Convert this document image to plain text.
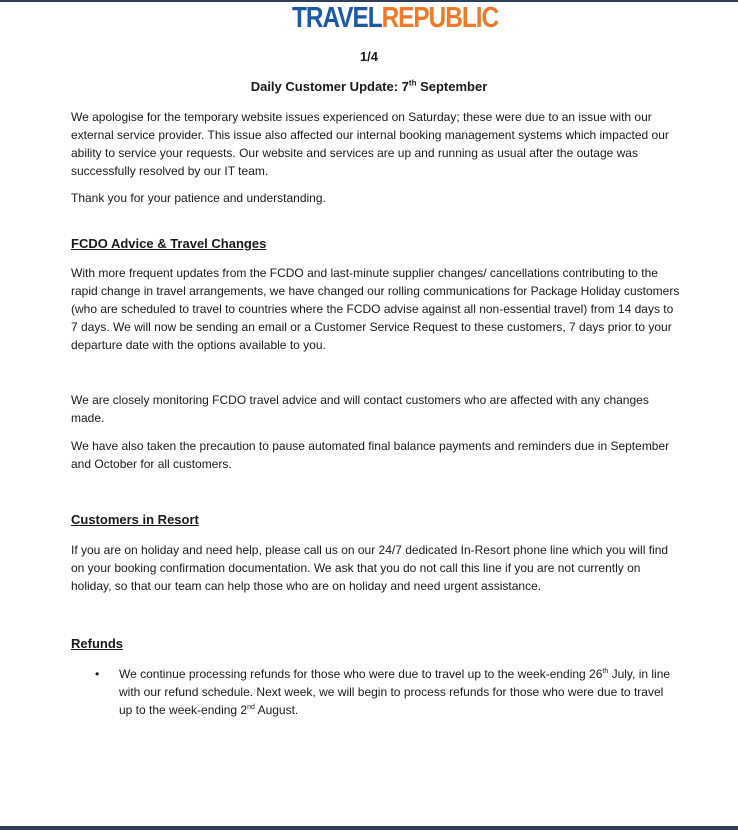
TRAVELREPUBLIC
1/4
Daily Customer Update: 7th September
We apologise for the temporary website issues experienced on Saturday; these were due to an issue with our external service provider. This issue also affected our internal booking management systems which impacted our ability to service your requests. Our website and services are up and running as usual after the outage was successfully resolved by our IT team.
Thank you for your patience and understanding.
FCDO Advice & Travel Changes
With more frequent updates from the FCDO and last-minute supplier changes/ cancellations contributing to the rapid change in travel arrangements, we have changed our rolling communications for Package Holiday customers (who are scheduled to travel to countries where the FCDO advise against all non-essential travel) from 14 days to 7 days. We will now be sending an email or a Customer Service Request to these customers, 7 days prior to your departure date with the options available to you.
We are closely monitoring FCDO travel advice and will contact customers who are affected with any changes made.
We have also taken the precaution to pause automated final balance payments and reminders due in September and October for all customers.
Customers in Resort
If you are on holiday and need help, please call us on our 24/7 dedicated In-Resort phone line which you will find on your booking confirmation documentation. We ask that you do not call this line if you are not currently on holiday, so that our team can help those who are on holiday and need urgent assistance.
Refunds
• We continue processing refunds for those who were due to travel up to the week-ending 26th July, in line with our refund schedule. Next week, we will begin to process refunds for those who were due to travel up to the week-ending 2nd August.
